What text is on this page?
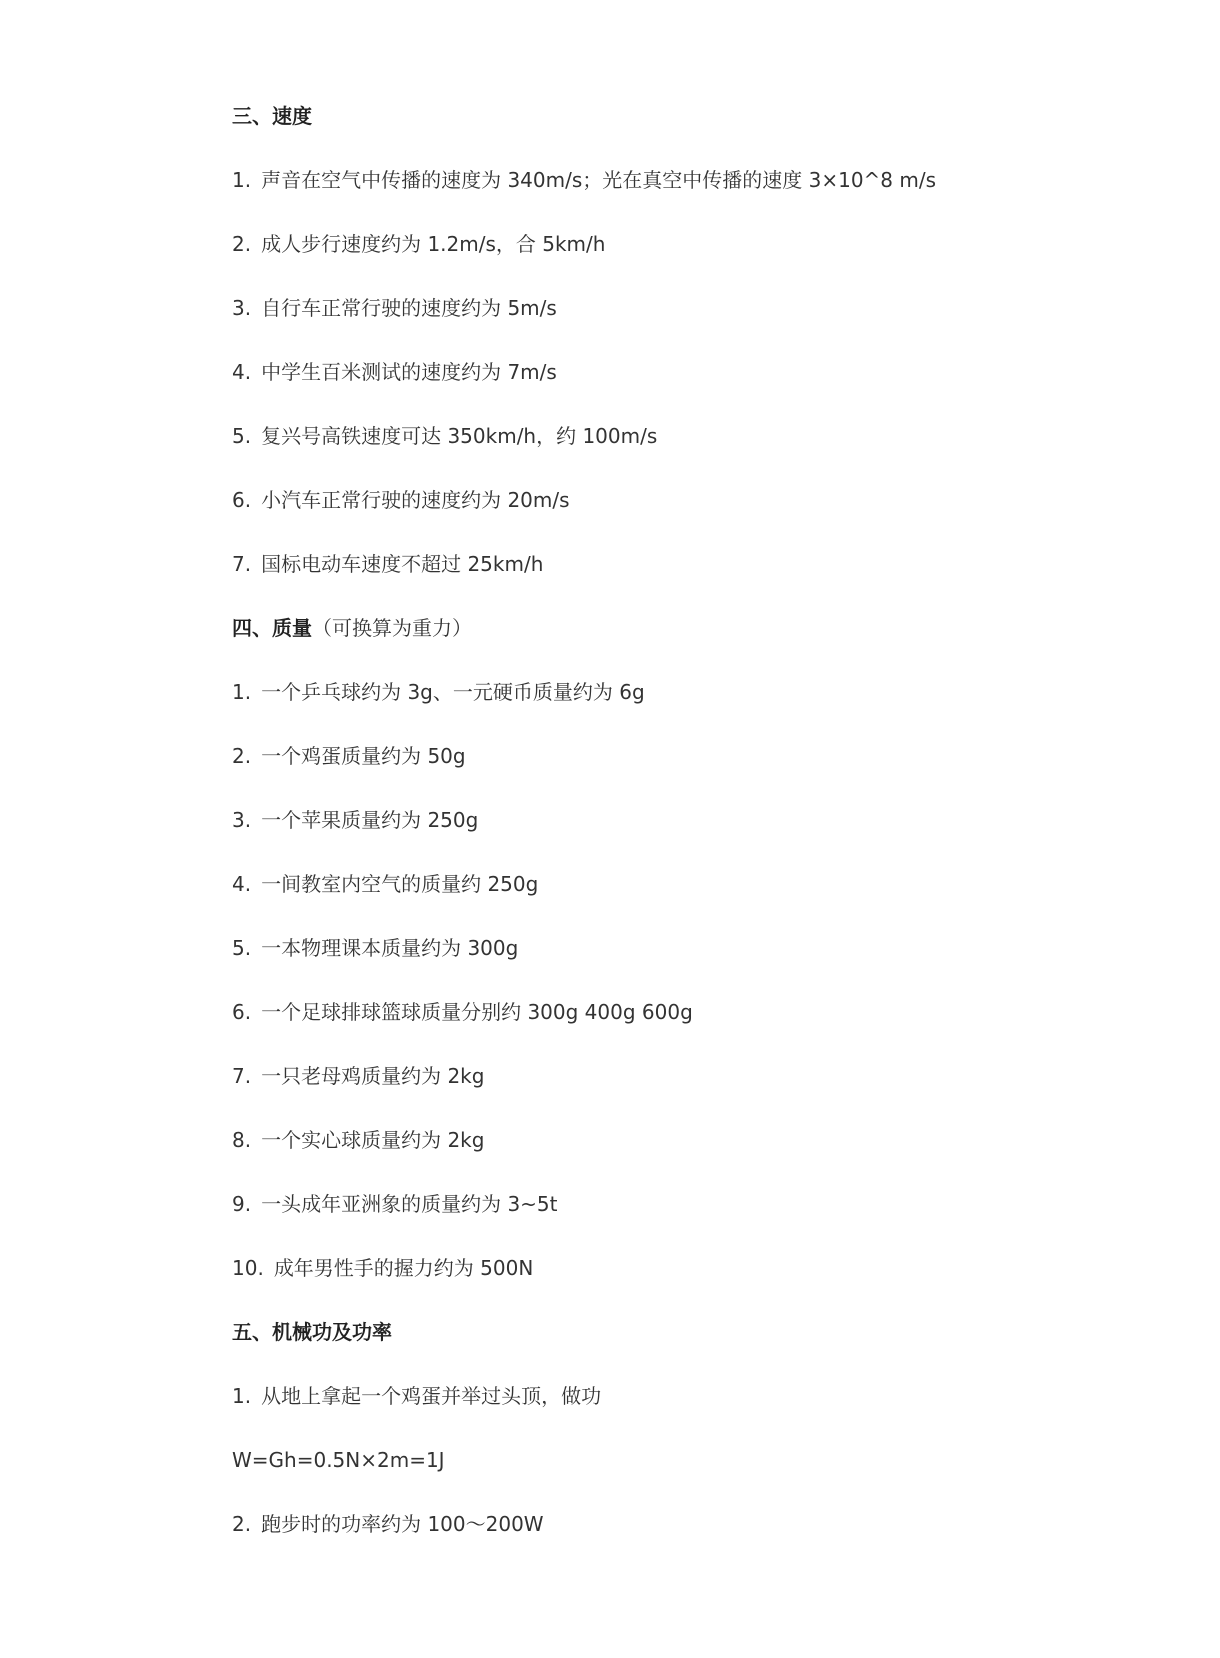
三、速度
1. 声音在空气中传播的速度为 340m/s；光在真空中传播的速度 3×10^8 m/s
2. 成人步行速度约为 1.2m/s，合 5km/h
3. 自行车正常行驶的速度约为 5m/s
4. 中学生百米测试的速度约为 7m/s
5. 复兴号高铁速度可达 350km/h，约 100m/s
6. 小汽车正常行驶的速度约为 20m/s
7. 国标电动车速度不超过 25km/h
四、质量（可换算为重力）
1. 一个乒乓球约为 3g、一元硬币质量约为 6g
2. 一个鸡蛋质量约为 50g
3. 一个苹果质量约为 250g
4. 一间教室内空气的质量约 250g
5. 一本物理课本质量约为 300g
6. 一个足球排球篮球质量分别约 300g 400g 600g
7. 一只老母鸡质量约为 2kg
8. 一个实心球质量约为 2kg
9. 一头成年亚洲象的质量约为 3~5t
10. 成年男性手的握力约为 500N
五、机械功及功率
1. 从地上拿起一个鸡蛋并举过头顶，做功
W=Gh=0.5N×2m=1J
2. 跑步时的功率约为 100～200W
